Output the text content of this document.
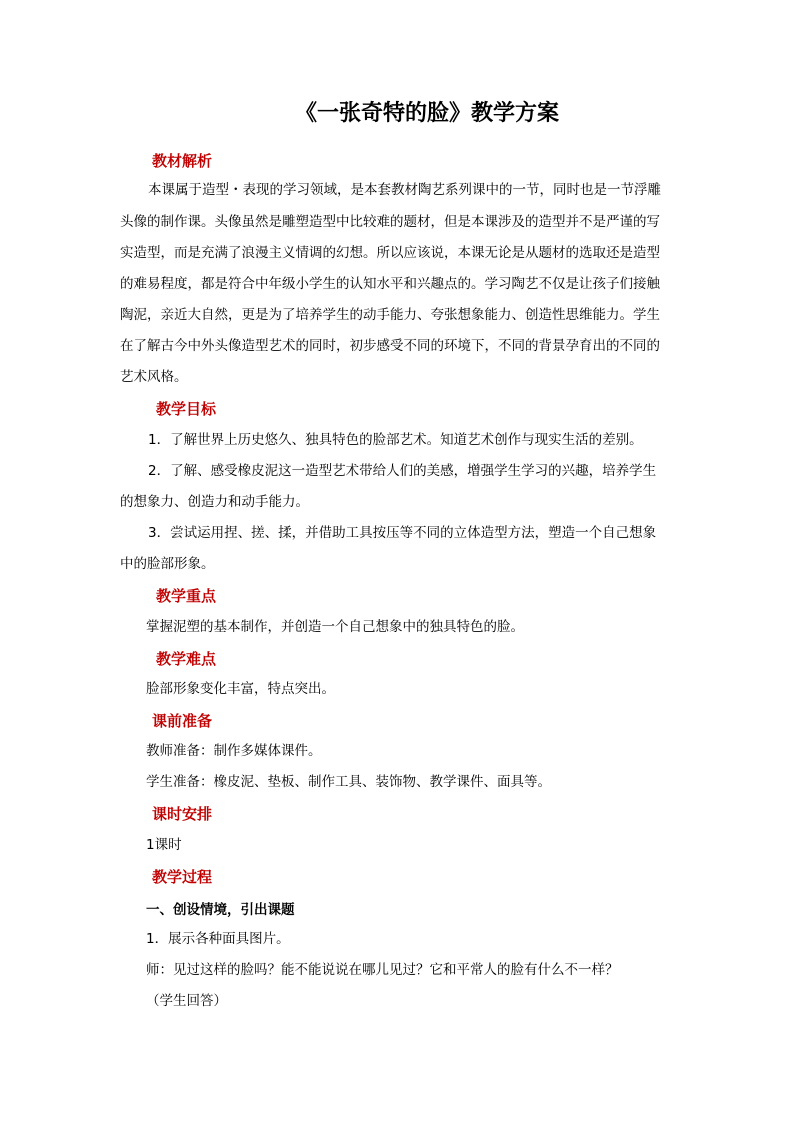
《一张奇特的脸》教学方案
教材解析
本课属于造型・表现的学习领域，是本套教材陶艺系列课中的一节，同时也是一节浮雕
头像的制作课。头像虽然是雕塑造型中比较难的题材，但是本课涉及的造型并不是严谨的写
实造型，而是充满了浪漫主义情调的幻想。所以应该说，本课无论是从题材的选取还是造型
的难易程度，都是符合中年级小学生的认知水平和兴趣点的。学习陶艺不仅是让孩子们接触
陶泥，亲近大自然，更是为了培养学生的动手能力、夸张想象能力、创造性思维能力。学生
在了解古今中外头像造型艺术的同时，初步感受不同的环境下，不同的背景孕育出的不同的
艺术风格。
教学目标
1．了解世界上历史悠久、独具特色的脸部艺术。知道艺术创作与现实生活的差别。
2．了解、感受橡皮泥这一造型艺术带给人们的美感，增强学生学习的兴趣，培养学生
的想象力、创造力和动手能力。
3．尝试运用捏、搓、揉，并借助工具按压等不同的立体造型方法，塑造一个自己想象
中的脸部形象。
教学重点
掌握泥塑的基本制作，并创造一个自己想象中的独具特色的脸。
教学难点
脸部形象变化丰富，特点突出。
课前准备
教师准备：制作多媒体课件。
学生准备：橡皮泥、垫板、制作工具、装饰物、教学课件、面具等。
课时安排
1课时
教学过程
一、创设情境，引出课题
1．展示各种面具图片。
师：见过这样的脸吗？能不能说说在哪儿见过？它和平常人的脸有什么不一样？
（学生回答）
